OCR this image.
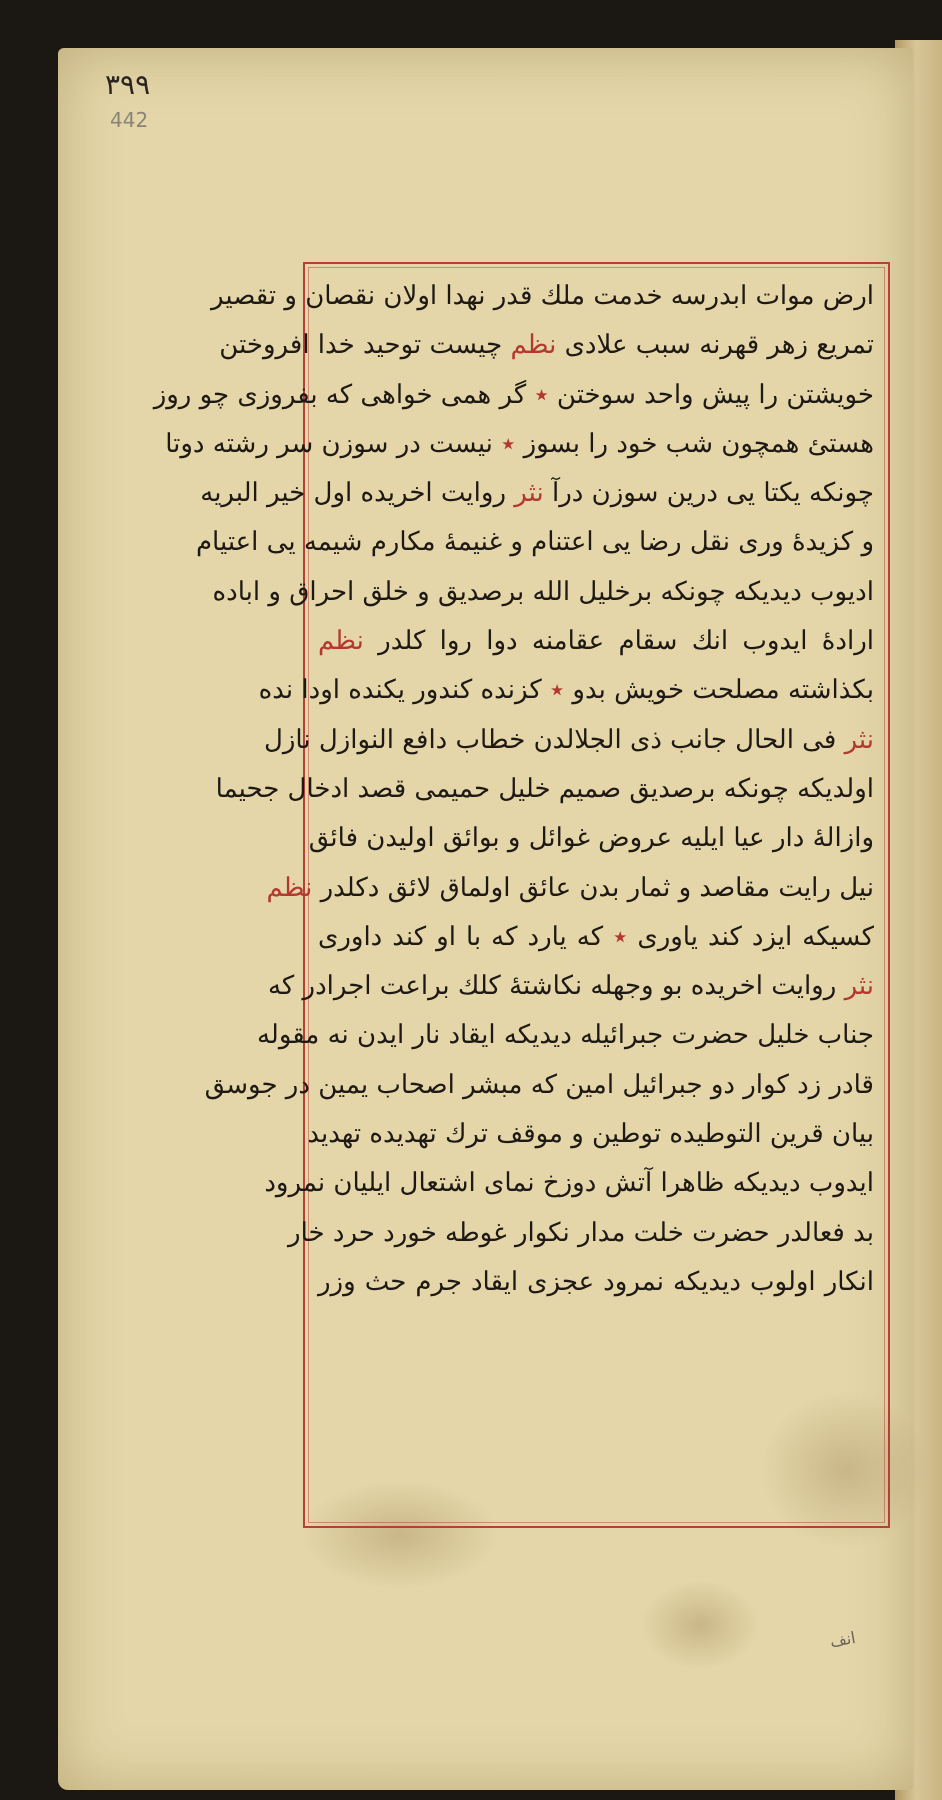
٣٩٩
442
ارض موات ابدرسه خدمت ملك قدر نهدا اولان نقصان و تقصیر
تمریع زهر قهرنه سبب علادى نظم چیست توحید خدا افروختن
خویشتن را پیش واحد سوختن ٭ گر همی خواهى كه بفروزى چو روز
هستئ همچون شب خود را بسوز ٭ نیست در سوزن سر رشته دوتا
چونكه یكتا یى درین سوزن درآ نثر روایت اخریده اول خیر البریه
و كزیدهٔ ورى نقل رضا یى اعتنام و غنیمهٔ مكارم شیمه یى اعتیام
ادیوب دیدیكه چونكه برخلیل الله برصدیق و خلق احراق و اباده
ارادهٔ ایدوب انك سقام عقامنه دوا روا كلدر نظم
بكذاشته مصلحت خویش بدو ٭ كزنده كندور یكنده اودا نده
نثر فى الحال جانب ذى الجلالدن خطاب دافع النوازل نازل
اولدیكه چونكه برصدیق صمیم خلیل حمیمى قصد ادخال جحیما
وازالهٔ دار عیا ایلیه عروض غوائل و بوائق اولیدن فائق
نیل رایت مقاصد و ثمار بدن عائق اولماق لائق دكلدر نظم
كسیكه ایزد كند یاورى ٭ كه یارد كه با او كند داورى
نثر روایت اخریده بو وجهله نكاشتهٔ كلك براعت اجرادر كه
جناب خلیل حضرت جبرائیله دیدیكه ایقاد نار ایدن نه مقوله
قادر زد كوار دو جبرائیل امین كه مبشر اصحاب یمین در جوسق
بیان قرین التوطیده توطین و موقف ترك تهدیده تهدید
ایدوب دیدیكه ظاهرا آتش دوزخ نماى اشتعال ایلیان نمرود
بد فعالدر حضرت خلت مدار نكوار غوطه خورد حرد خار
انكار اولوب دیدیكه نمرود عجزى ایقاد جرم حث وزر
انف
